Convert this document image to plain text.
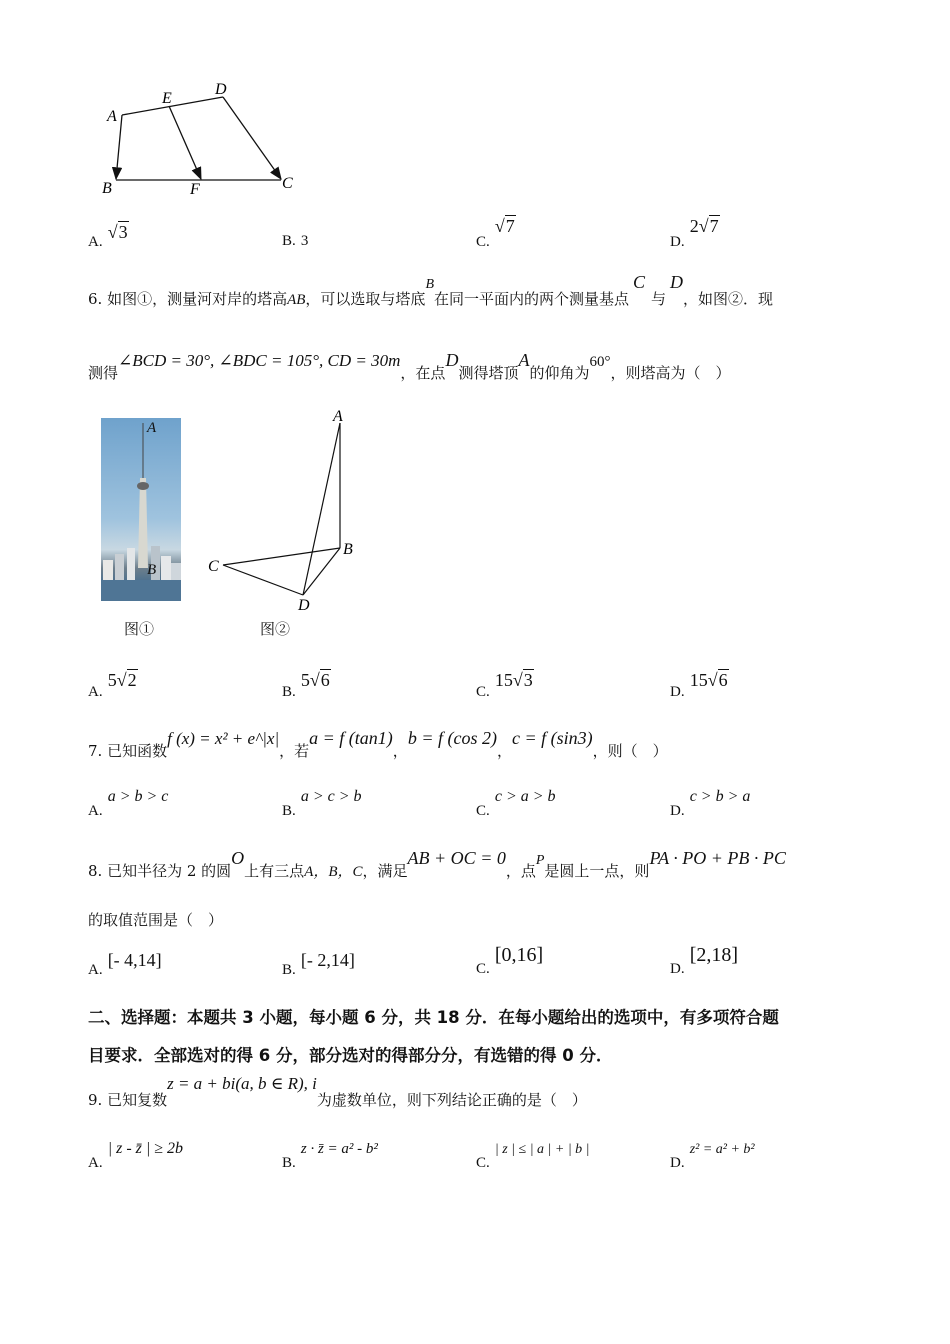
A
E
D
B	F	C
A. √3	B. 3	C. √7
D. 2√7
6. 如图①，测量河对岸的塔高AB，可以选取与塔底B在同一平面内的两个测量基点C与D，如图②．现
测得∠BCD = 30°, ∠BDC = 105°, CD = 30m，在点D测得塔顶A的仰角为60°，则塔高为（　）
A
B
图①
A
B
C
D
图②
A. 5√2
B. 5√6
C. 15√3
D. 15√6
7. 已知函数f (x) = x² + e^|x|，若a = f (tan1)，b = f (cos 2)，c = f (sin3)，则（　）
A. a > b > c
B. a > c > b
C. c > a > b
D. c > b > a
8. 已知半径为 2 的圆O上有三点A，B，C，满足AB + OC = 0，点P是圆上一点，则PA · PO + PB · PC
的取值范围是（　）
A. [- 4,14]	B. [- 2,14]	C. [0,16]
D. [2,18]
二、选择题：本题共 3 小题，每小题 6 分，共 18 分．在每小题给出的选项中，有多项符合题
目要求．全部选对的得 6 分，部分选对的得部分分，有选错的得 0 分．
9. 已知复数z = a + bi(a, b ∈ R), i为虚数单位，则下列结论正确的是（　）
A. | z - z̄ | ≥ 2b
B. z · z̄ = a² - b²
C. | z | ≤ | a | + | b |
D. z² = a² + b²
